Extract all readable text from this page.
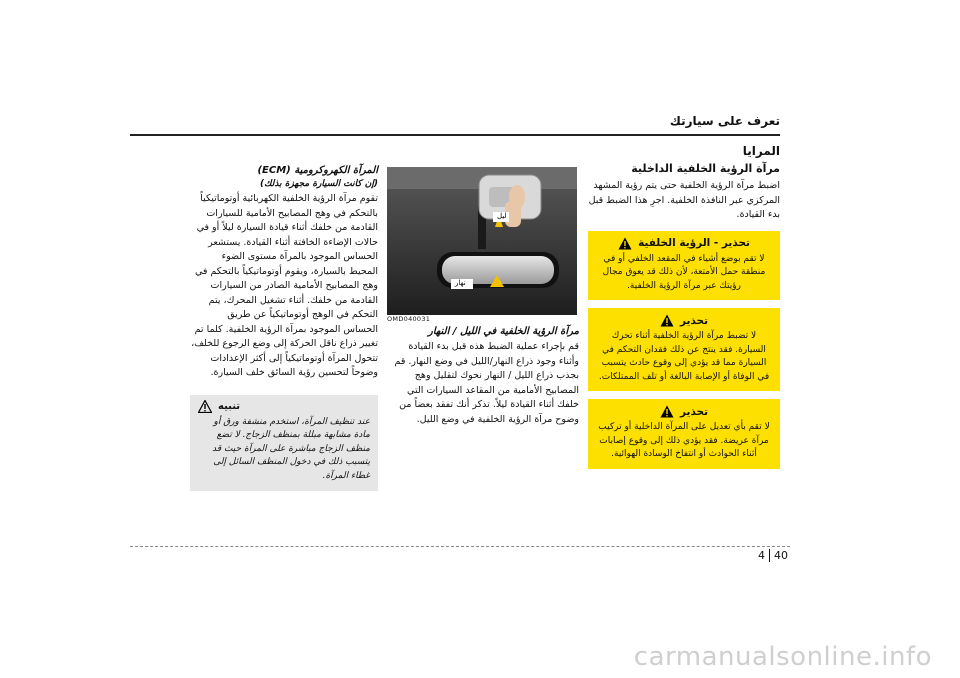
تعرف على سيارتك
المرايا
مرآة الرؤية الخلفية الداخلية

اضبط مرآة الرؤية الخلفية حتى يتم رؤية المشهد المركزي عبر النافذة الخلفية. اجرِ هذا الضبط قبل بدء القيادة.

تحذير - الرؤية الخلفية
لا تقم بوضع أشياء في المقعد الخلفي أو في منطقة حمل الأمتعة، لأن ذلك قد يعوق مجال رؤيتك عبر مرآة الرؤية الخلفية.
تحذير
لا تضبط مرآة الرؤية الخلفية أثناء تحرك السيارة. فقد ينتج عن ذلك فقدان التحكم في السيارة مما قد يؤدي إلى وقوع حادث يتسبب في الوفاة أو الإصابة البالغة أو تلف الممتلكات.
تحذير
لا تقم بأي تعديل على المرآة الداخلية أو تركيب مرآة عريضة. فقد يؤدي ذلك إلى وقوع إصابات أثناء الحوادث أو انتفاخ الوسادة الهوائية.
ليل
نهار
OMD040031
مرآة الرؤية الخلفية في الليل / النهار

قم بإجراء عملية الضبط هذه قبل بدء القيادة وأثناء وجود ذراع النهار/الليل في وضع النهار. قم بجذب ذراع الليل / النهار نحوك لتقليل وهج المصابيح الأمامية من المقاعد السيارات التي خلفك أثناء القيادة ليلاً. تذكر أنك تفقد بعضاً من وضوح مرآة الرؤية الخلفية في وضع الليل.

المرآة الكهروكرومية (ECM)
(إن كانت السيارة مجهزة بذلك)

تقوم مرآة الرؤية الخلفية الكهربائية أوتوماتيكياً بالتحكم في وهج المصابيح الأمامية للسيارات القادمة من خلفك أثناء قيادة السيارة ليلاً أو في حالات الإضاءة الخافتة أثناء القيادة. يستشعر الحساس الموجود بالمرآة مستوى الضوء المحيط بالسيارة، ويقوم أوتوماتيكياً بالتحكم في وهج المصابيح الأمامية الصادر من السيارات القادمة من خلفك. أثناء تشغيل المحرك، يتم التحكم في الوهج أوتوماتيكياً عن طريق الحساس الموجود بمرآة الرؤية الخلفية. كلما تم تغيير ذراع ناقل الحركة إلى وضع الرجوع للخلف، تتحول المرآة أوتوماتيكياً إلى أكثر الإعدادات وضوحاً لتحسين رؤية السائق خلف السيارة.

تنبيه
عند تنظيف المرآة، استخدم منشفة ورق أو مادة مشابهة مبللة بمنظف الزجاج. لا تضع منظف الزجاج مباشرة على المرآة حيث قد يتسبب ذلك في دخول المنظف السائل إلى غطاء المرآة.
4 40
carmanualsonline.info
